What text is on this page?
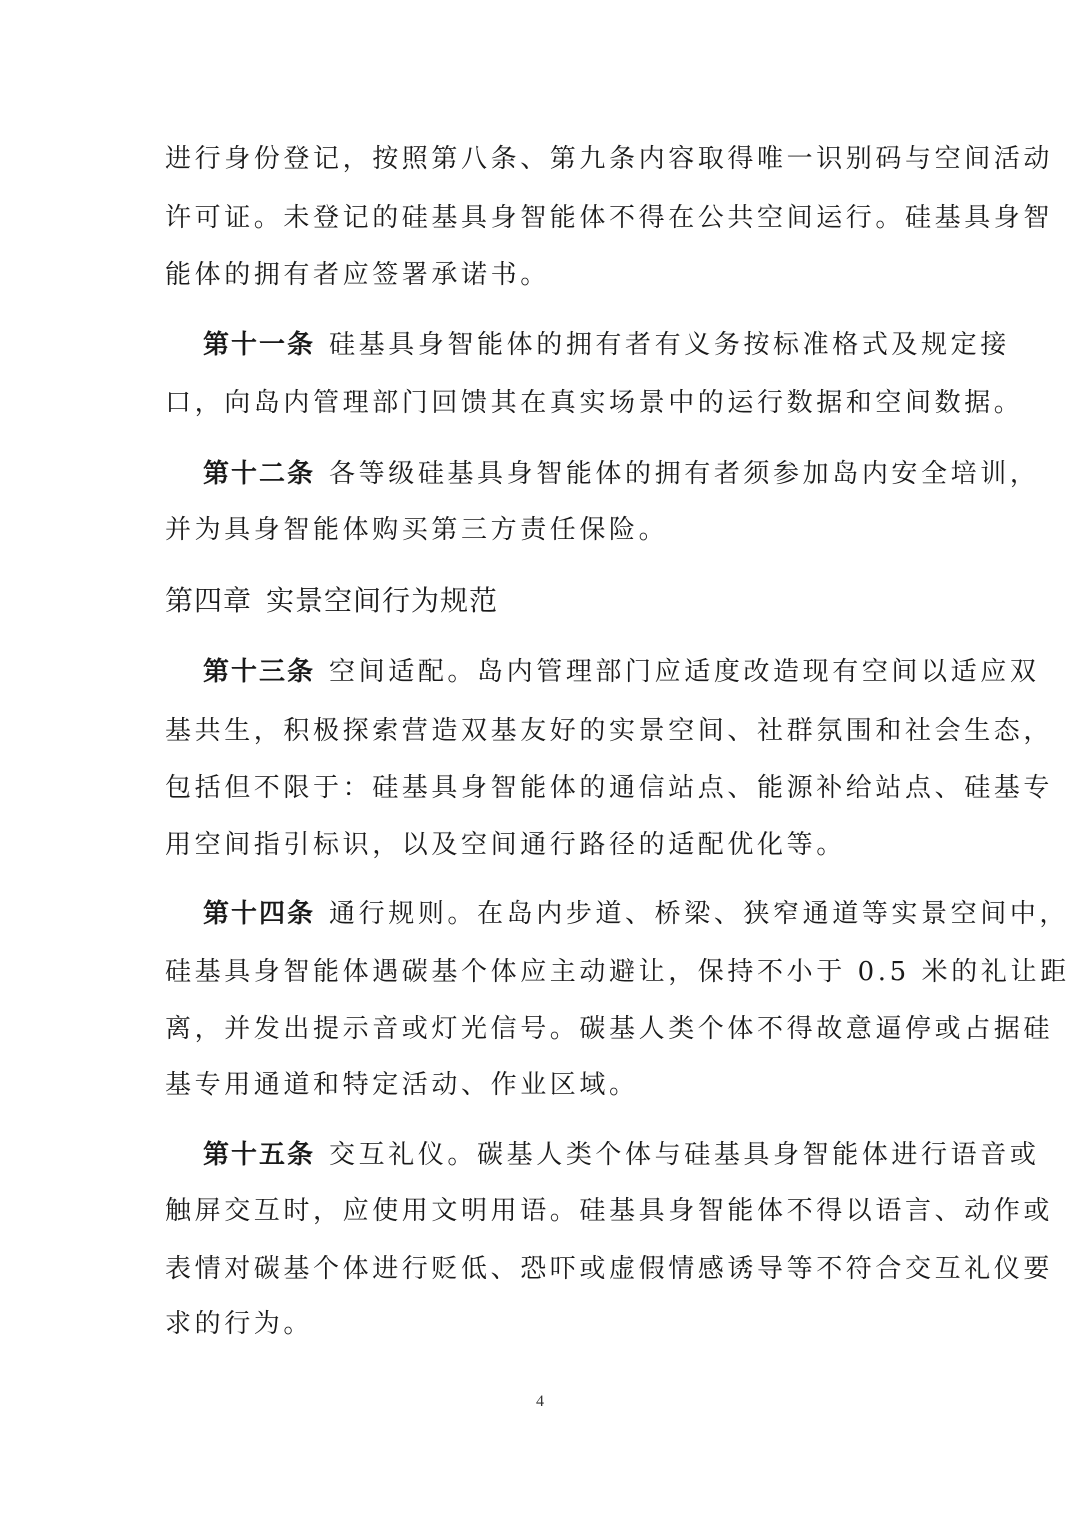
进行身份登记，按照第八条、第九条内容取得唯一识别码与空间活动
许可证。未登记的硅基具身智能体不得在公共空间运行。硅基具身智
能体的拥有者应签署承诺书。
第十一条 硅基具身智能体的拥有者有义务按标准格式及规定接
口，向岛内管理部门回馈其在真实场景中的运行数据和空间数据。
第十二条 各等级硅基具身智能体的拥有者须参加岛内安全培训，
并为具身智能体购买第三方责任保险。
第四章 实景空间行为规范
第十三条 空间适配。岛内管理部门应适度改造现有空间以适应双
基共生，积极探索营造双基友好的实景空间、社群氛围和社会生态，
包括但不限于：硅基具身智能体的通信站点、能源补给站点、硅基专
用空间指引标识，以及空间通行路径的适配优化等。
第十四条 通行规则。在岛内步道、桥梁、狭窄通道等实景空间中，
硅基具身智能体遇碳基个体应主动避让，保持不小于 0.5 米的礼让距
离，并发出提示音或灯光信号。碳基人类个体不得故意逼停或占据硅
基专用通道和特定活动、作业区域。
第十五条 交互礼仪。碳基人类个体与硅基具身智能体进行语音或
触屏交互时，应使用文明用语。硅基具身智能体不得以语言、动作或
表情对碳基个体进行贬低、恐吓或虚假情感诱导等不符合交互礼仪要
求的行为。
4
